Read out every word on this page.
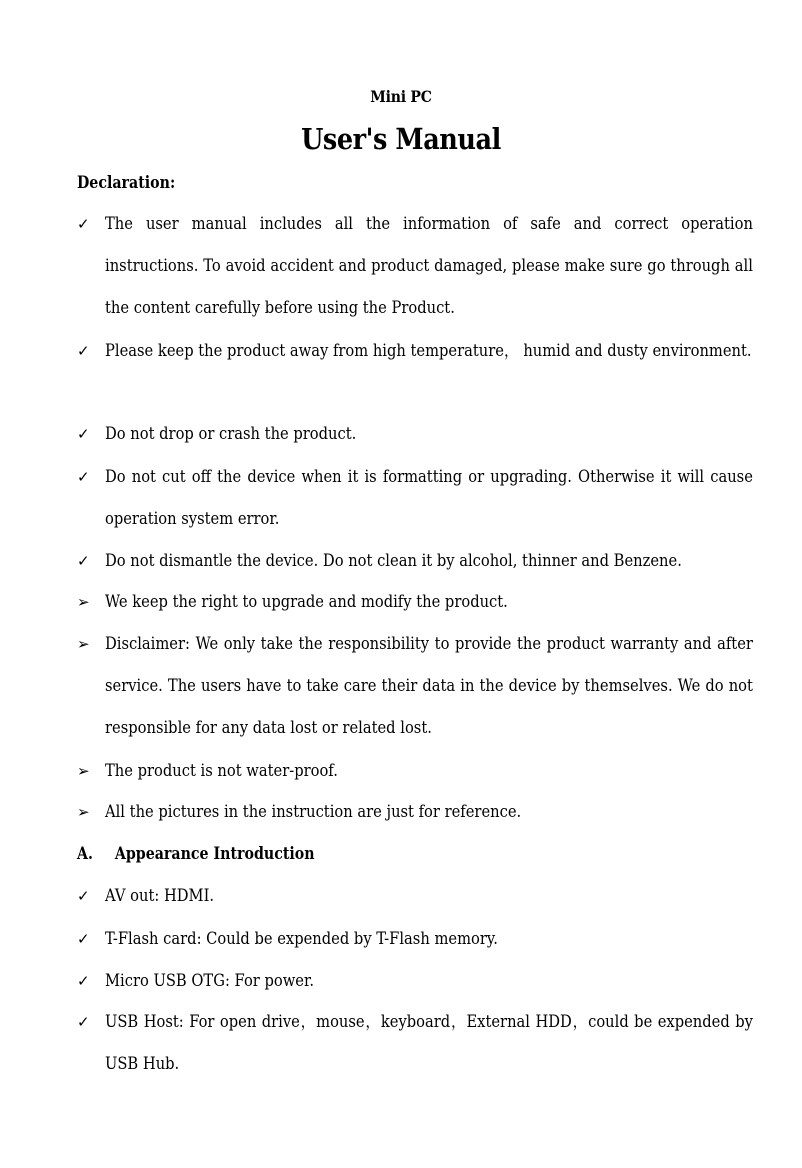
Mini PC
User's Manual
Declaration:
✓ The user manual includes all the information of safe and correct operation instructions. To avoid accident and product damaged, please make sure go through all the content carefully before using the Product.
✓ Please keep the product away from high temperature， humid and dusty environment.
✓ Do not drop or crash the product.
✓ Do not cut off the device when it is formatting or upgrading. Otherwise it will cause operation system error.
✓ Do not dismantle the device. Do not clean it by alcohol, thinner and Benzene.
➢ We keep the right to upgrade and modify the product.
➢ Disclaimer: We only take the responsibility to provide the product warranty and after service. The users have to take care their data in the device by themselves. We do not responsible for any data lost or related lost.
➢ The product is not water-proof.
➢ All the pictures in the instruction are just for reference.
A. Appearance Introduction
✓ AV out: HDMI.
✓ T-Flash card: Could be expended by T-Flash memory.
✓ Micro USB OTG: For power.
✓ USB Host: For open drive，mouse，keyboard，External HDD，could be expended by USB Hub.
